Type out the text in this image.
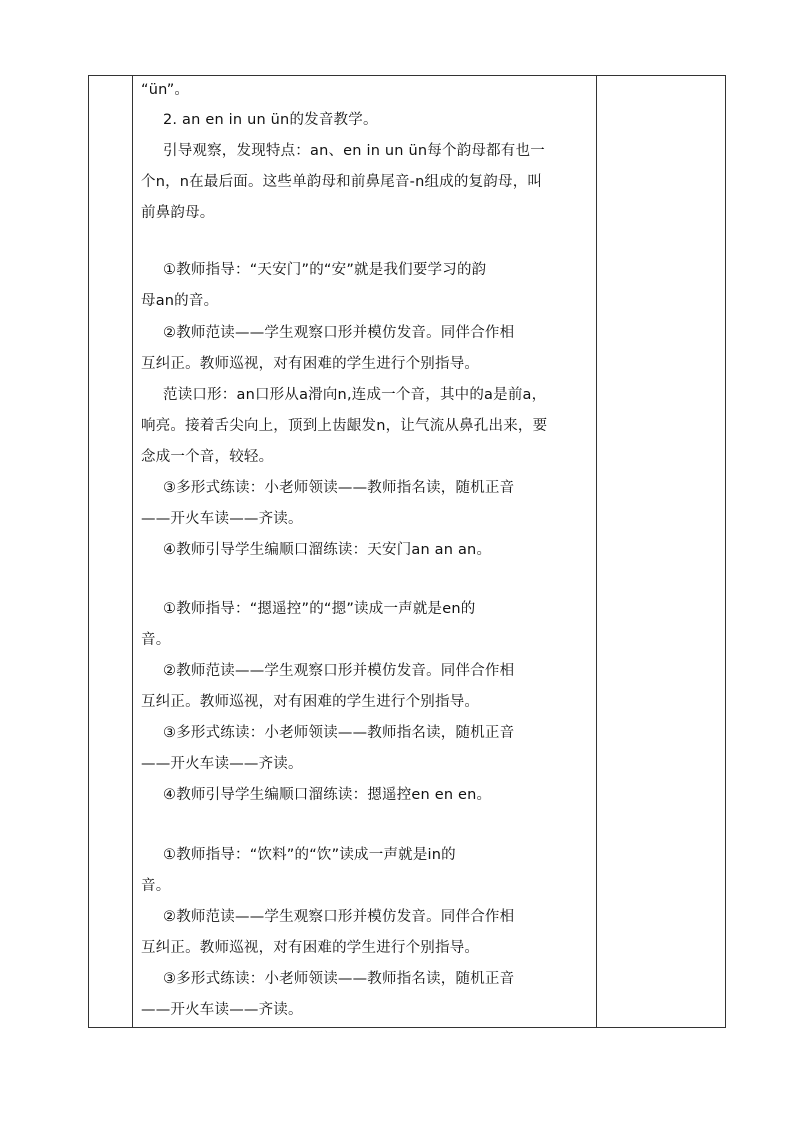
“ün”。
2. an en in un ün的发音教学。
引导观察，发现特点：an、en in un ün每个韵母都有也一
个n，n在最后面。这些单韵母和前鼻尾音-n组成的复韵母，叫
前鼻韵母。
①教师指导：“天安门”的“安”就是我们要学习的韵
母an的音。
②教师范读——学生观察口形并模仿发音。同伴合作相
互纠正。教师巡视，对有困难的学生进行个别指导。
范读口形：an口形从a滑向n,连成一个音，其中的a是前a，
响亮。接着舌尖向上，顶到上齿龈发n，让气流从鼻孔出来，要
念成一个音，较轻。
③多形式练读：小老师领读——教师指名读，随机正音
——开火车读——齐读。
④教师引导学生编顺口溜练读：天安门an an an。
①教师指导：“摁遥控”的“摁”读成一声就是en的
音。
②教师范读——学生观察口形并模仿发音。同伴合作相
互纠正。教师巡视，对有困难的学生进行个别指导。
③多形式练读：小老师领读——教师指名读，随机正音
——开火车读——齐读。
④教师引导学生编顺口溜练读：摁遥控en en en。
①教师指导：“饮料”的“饮”读成一声就是in的
音。
②教师范读——学生观察口形并模仿发音。同伴合作相
互纠正。教师巡视，对有困难的学生进行个别指导。
③多形式练读：小老师领读——教师指名读，随机正音
——开火车读——齐读。
